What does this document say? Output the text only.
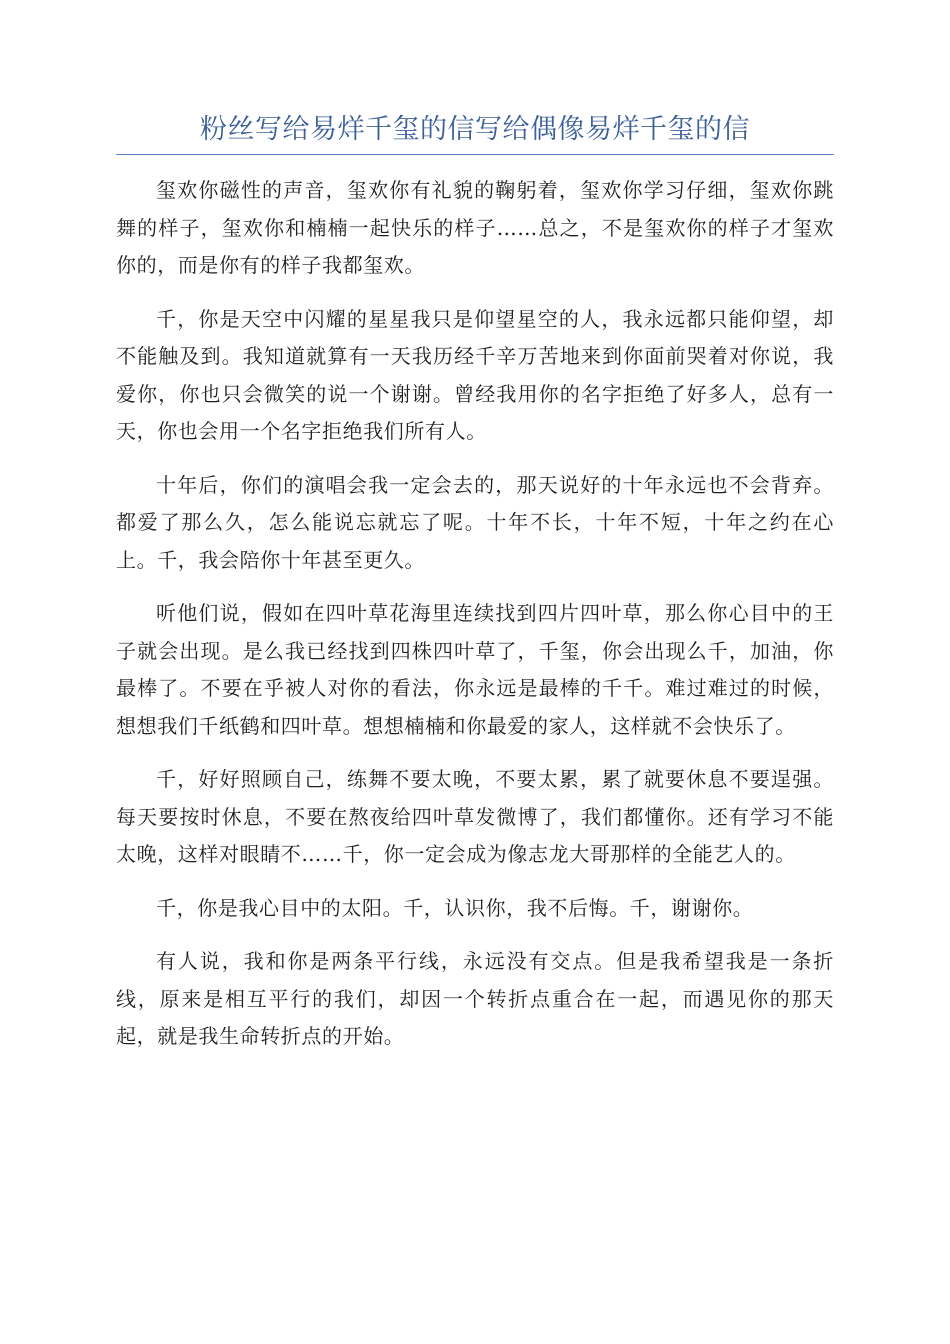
粉丝写给易烊千玺的信写给偶像易烊千玺的信

玺欢你磁性的声音，玺欢你有礼貌的鞠躬着，玺欢你学习仔细，玺欢你跳舞的样子，玺欢你和楠楠一起快乐的样子……总之，不是玺欢你的样子才玺欢你的，而是你有的样子我都玺欢。

千，你是天空中闪耀的星星我只是仰望星空的人，我永远都只能仰望，却不能触及到。我知道就算有一天我历经千辛万苦地来到你面前哭着对你说，我爱你，你也只会微笑的说一个谢谢。曾经我用你的名字拒绝了好多人，总有一天，你也会用一个名字拒绝我们所有人。

十年后，你们的演唱会我一定会去的，那天说好的十年永远也不会背弃。都爱了那么久，怎么能说忘就忘了呢。十年不长，十年不短，十年之约在心上。千，我会陪你十年甚至更久。

听他们说，假如在四叶草花海里连续找到四片四叶草，那么你心目中的王子就会出现。是么我已经找到四株四叶草了，千玺，你会出现么千，加油，你最棒了。不要在乎被人对你的看法，你永远是最棒的千千。难过难过的时候，想想我们千纸鹤和四叶草。想想楠楠和你最爱的家人，这样就不会快乐了。

千，好好照顾自己，练舞不要太晚，不要太累，累了就要休息不要逞强。每天要按时休息，不要在熬夜给四叶草发微博了，我们都懂你。还有学习不能太晚，这样对眼睛不……千，你一定会成为像志龙大哥那样的全能艺人的。

千，你是我心目中的太阳。千，认识你，我不后悔。千，谢谢你。

有人说，我和你是两条平行线，永远没有交点。但是我希望我是一条折线，原来是相互平行的我们，却因一个转折点重合在一起，而遇见你的那天起，就是我生命转折点的开始。
